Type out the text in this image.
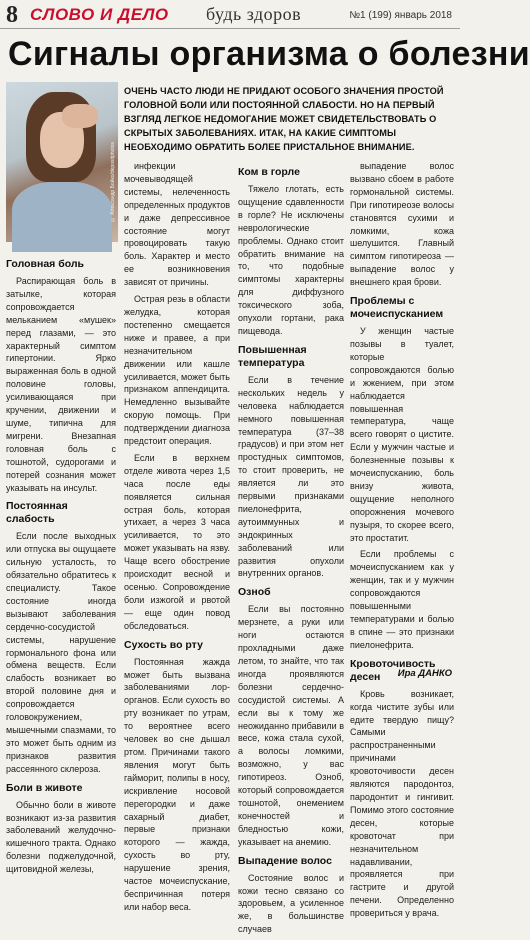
8 СЛОВО И ДЕЛО будь здоров	№1 (199) январь 2018
Сигналы организма о болезни
© Александр Бойко/depositphotos
ОЧЕНЬ ЧАСТО ЛЮДИ НЕ ПРИДАЮТ ОСОБОГО ЗНАЧЕНИЯ ПРОСТОЙ ГОЛОВНОЙ БОЛИ ИЛИ ПОСТОЯННОЙ СЛАБОСТИ. НО НА ПЕРВЫЙ ВЗГЛЯД ЛЕГКОЕ НЕДОМОГАНИЕ МОЖЕТ СВИДЕТЕЛЬСТВОВАТЬ О СКРЫТЫХ ЗАБОЛЕВАНИЯХ. ИТАК, НА КАКИЕ СИМПТОМЫ НЕОБХОДИМО ОБРАТИТЬ БОЛЕЕ ПРИСТАЛЬНОЕ ВНИМАНИЕ.
Головная боль

Распирающая боль в затылке, которая сопровождается мельканием «мушек» перед глазами, — это характерный симптом гипертонии. Ярко выраженная боль в одной половине головы, усиливающаяся при кручении, движении и шуме, типична для мигрени. Внезапная головная боль с тошнотой, судорогами и потерей сознания может указывать на инсульт.

Постоянная слабость

Если после выходных или отпуска вы ощущаете сильную усталость, то обязательно обратитесь к специалисту. Такое состояние иногда вызывают заболевания сердечно-сосудистой системы, нарушение гормонального фона или обмена веществ. Если слабость возникает во второй половине дня и сопровождается головокружением, мышечными спазмами, то это может быть одним из признаков развития рассеянного склероза.

Боли в животе

Обычно боли в животе возникают из-за развития заболеваний желудочно-кишечного тракта. Однако болезни поджелудочной, щитовидной железы,

инфекции мочевыводящей системы, нелеченность определенных продуктов и даже депрессивное состояние могут провоцировать такую боль. Характер и место ее возникновения зависят от причины.

Острая резь в области желудка, которая постепенно смещается ниже и правее, а при незначительном движении или кашле усиливается, может быть признаком аппендицита. Немедленно вызывайте скорую помощь. При подтверждении диагноза предстоит операция.

Если в верхнем отделе живота через 1,5 часа после еды появляется сильная острая боль, которая утихает, а через 3 часа усиливается, то это может указывать на язву. Чаще всего обострение происходит весной и осенью. Сопровождение боли изжогой и рвотой — еще один повод обследоваться.

Сухость во рту

Постоянная жажда может быть вызвана заболеваниями лор-органов. Если сухость во рту возникает по утрам, то вероятнее всего человек во сне дышал ртом. Причинами такого явления могут быть гайморит, полипы в носу, искривление носовой перегородки и даже сахарный диабет, первые признаки которого — жажда, сухость во рту, нарушение зрения, частое мочеиспускание, беспричинная потеря или набор веса.

Ком в горле

Тяжело глотать, есть ощущение сдавленности в горле? Не исключены неврологические проблемы. Однако стоит обратить внимание на то, что подобные симптомы характерны для диффузного токсического зоба, опухоли гортани, рака пищевода.

Повышенная температура

Если в течение нескольких недель у человека наблюдается немного повышенная температура (37–38 градусов) и при этом нет простудных симптомов, то стоит проверить, не является ли это первыми признаками пиелонефрита, аутоиммунных и эндокринных заболеваний или развития опухоли внутренних органов.

Озноб

Если вы постоянно мерзнете, а руки или ноги остаются прохладными даже летом, то знайте, что так иногда проявляются болезни сердечно-сосудистой системы. А если вы к тому же неожиданно прибавили в весе, кожа стала сухой, а волосы ломкими, возможно, у вас гипотиреоз. Озноб, который сопровождается тошнотой, онемением конечностей и бледностью кожи, указывает на анемию.

Выпадение волос

Состояние волос и кожи тесно связано со здоровьем, а усиленное же, в большинстве случаев

выпадение волос вызвано сбоем в работе гормональной системы. При гипотиреозе волосы становятся сухими и ломкими, кожа шелушится. Главный симптом гипотиреоза — выпадение волос у внешнего края брови.

Проблемы с мочеиспусканием

У женщин частые позывы в туалет, которые сопровождаются болью и жжением, при этом наблюдается повышенная температура, чаще всего говорят о цистите. Если у мужчин частые и болезненные позывы к мочеиспусканию, боль внизу живота, ощущение неполного опорожнения мочевого пузыря, то скорее всего, это простатит.

Если проблемы с мочеиспусканием как у женщин, так и у мужчин сопровождаются повышенными температурами и болью в спине — это признаки пиелонефрита.

Кровоточивость десен

Кровь возникает, когда чистите зубы или едите твердую пищу? Самыми распространенными причинами кровоточивости десен являются пародонтоз, пародонтит и гингивит. Помимо этого состояние десен, которые кровоточат при незначительном надавливании, проявляется при гастрите и другой печени. Определенно провериться у врача.

Ира ДАНКО
